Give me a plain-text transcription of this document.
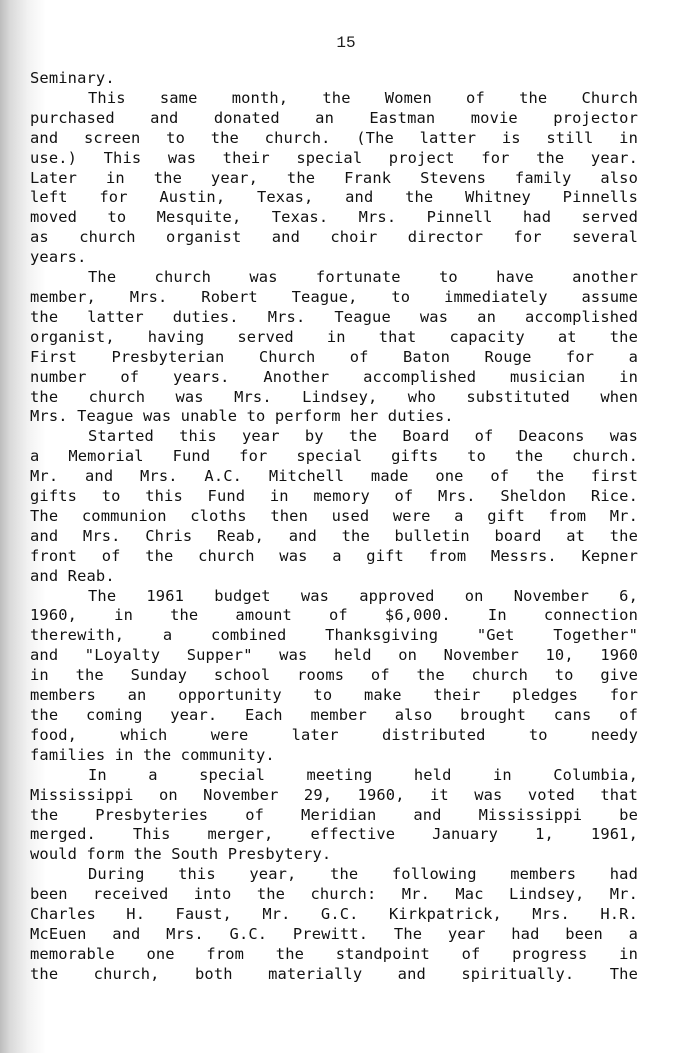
15
Seminary.
This same month, the Women of the Church
purchased and donated an Eastman movie projector
and screen to the church. (The latter is still in
use.) This was their special project for the year.
Later in the year, the Frank Stevens family also
left for Austin, Texas, and the Whitney Pinnells
moved to Mesquite, Texas. Mrs. Pinnell had served
as church organist and choir director for several
years.
The church was fortunate to have another
member, Mrs. Robert Teague, to immediately assume
the latter duties. Mrs. Teague was an accomplished
organist, having served in that capacity at the
First Presbyterian Church of Baton Rouge for a
number of years. Another accomplished musician in
the church was Mrs. Lindsey, who substituted when
Mrs. Teague was unable to perform her duties.
Started this year by the Board of Deacons was
a Memorial Fund for special gifts to the church.
Mr. and Mrs. A.C. Mitchell made one of the first
gifts to this Fund in memory of Mrs. Sheldon Rice.
The communion cloths then used were a gift from Mr.
and Mrs. Chris Reab, and the bulletin board at the
front of the church was a gift from Messrs. Kepner
and Reab.
The 1961 budget was approved on November 6,
1960, in the amount of $6,000. In connection
therewith, a combined Thanksgiving "Get Together"
and "Loyalty Supper" was held on November 10, 1960
in the Sunday school rooms of the church to give
members an opportunity to make their pledges for
the coming year. Each member also brought cans of
food, which were later distributed to needy
families in the community.
In a special meeting held in Columbia,
Mississippi on November 29, 1960, it was voted that
the Presbyteries of Meridian and Mississippi be
merged. This merger, effective January 1, 1961,
would form the South Presbytery.
During this year, the following members had
been received into the church: Mr. Mac Lindsey, Mr.
Charles H. Faust, Mr. G.C. Kirkpatrick, Mrs. H.R.
McEuen and Mrs. G.C. Prewitt. The year had been a
memorable one from the standpoint of progress in
the church, both materially and spiritually. The
